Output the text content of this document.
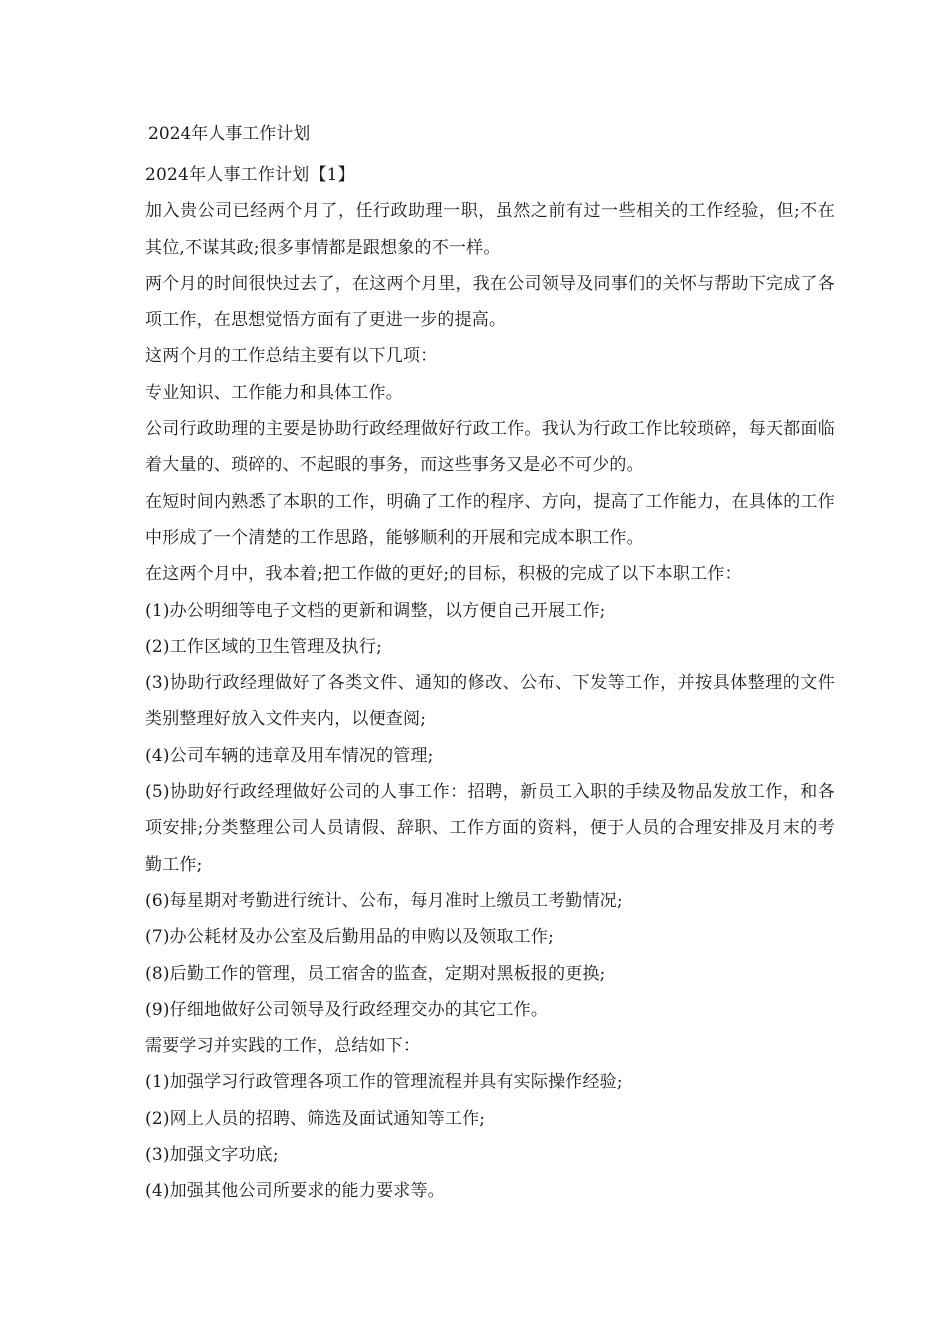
2024年人事工作计划

2024年人事工作计划【1】

加入贵公司已经两个月了，任行政助理一职，虽然之前有过一些相关的工作经验，但;不在其位,不谋其政;很多事情都是跟想象的不一样。

两个月的时间很快过去了，在这两个月里，我在公司领导及同事们的关怀与帮助下完成了各项工作，在思想觉悟方面有了更进一步的提高。

这两个月的工作总结主要有以下几项：

专业知识、工作能力和具体工作。

公司行政助理的主要是协助行政经理做好行政工作。我认为行政工作比较琐碎，每天都面临着大量的、琐碎的、不起眼的事务，而这些事务又是必不可少的。

在短时间内熟悉了本职的工作，明确了工作的程序、方向，提高了工作能力，在具体的工作中形成了一个清楚的工作思路，能够顺利的开展和完成本职工作。

在这两个月中，我本着;把工作做的更好;的目标，积极的完成了以下本职工作：

(1)办公明细等电子文档的更新和调整，以方便自己开展工作;

(2)工作区域的卫生管理及执行;

(3)协助行政经理做好了各类文件、通知的修改、公布、下发等工作，并按具体整理的文件类别整理好放入文件夹内，以便查阅;

(4)公司车辆的违章及用车情况的管理;

(5)协助好行政经理做好公司的人事工作：招聘，新员工入职的手续及物品发放工作，和各项安排;分类整理公司人员请假、辞职、工作方面的资料，便于人员的合理安排及月末的考勤工作;

(6)每星期对考勤进行统计、公布，每月准时上缴员工考勤情况;

(7)办公耗材及办公室及后勤用品的申购以及领取工作;

(8)后勤工作的管理，员工宿舍的监查，定期对黑板报的更换;

(9)仔细地做好公司领导及行政经理交办的其它工作。

需要学习并实践的工作，总结如下：

(1)加强学习行政管理各项工作的管理流程并具有实际操作经验;

(2)网上人员的招聘、筛选及面试通知等工作;

(3)加强文字功底;

(4)加强其他公司所要求的能力要求等。
